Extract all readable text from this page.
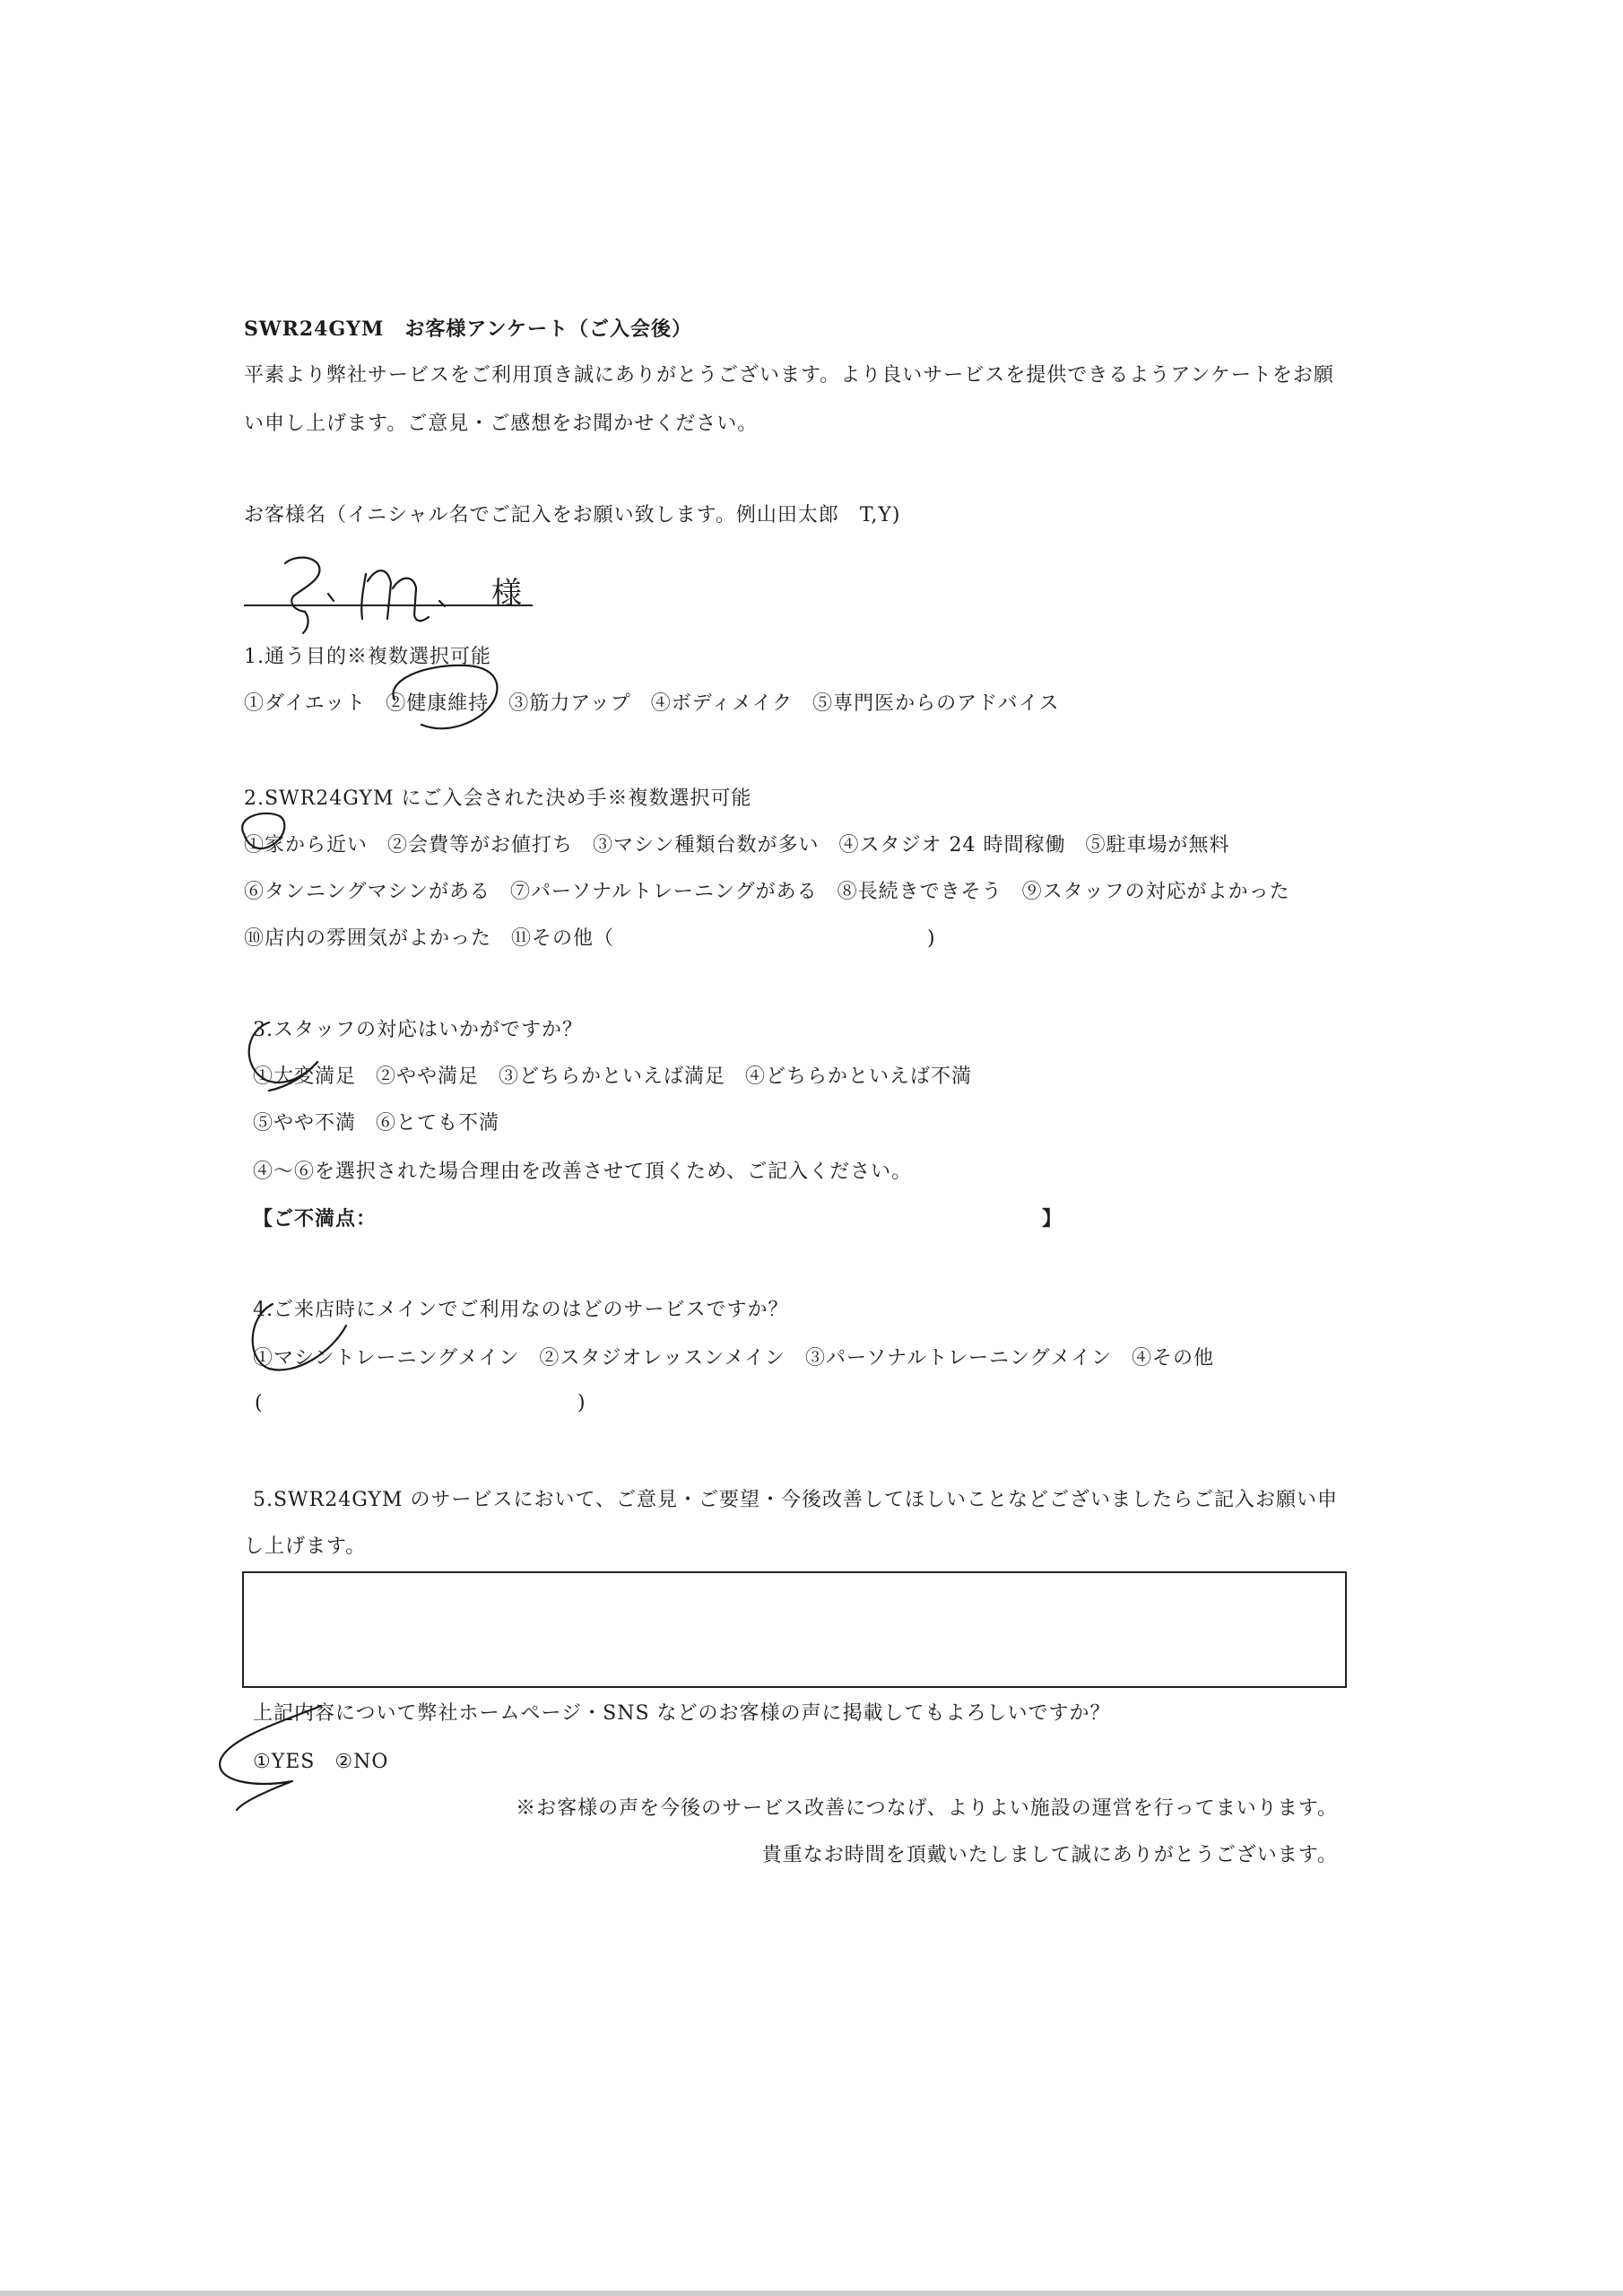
SWR24GYM　お客様アンケート（ご入会後）
平素より弊社サービスをご利用頂き誠にありがとうございます。より良いサービスを提供できるようアンケートをお願
い申し上げます。ご意見・ご感想をお聞かせください。
お客様名（イニシャル名でご記入をお願い致します。例山田太郎　T,Y)
様
1.通う目的※複数選択可能
①ダイエット ②健康維持 ③筋力アップ ④ボディメイク ⑤専門医からのアドバイス
2.SWR24GYM にご入会された決め手※複数選択可能
①家から近い ②会費等がお値打ち ③マシン種類台数が多い ④スタジオ 24 時間稼働 ⑤駐車場が無料
⑥タンニングマシンがある ⑦パーソナルトレーニングがある ⑧長続きできそう ⑨スタッフの対応がよかった
⑩店内の雰囲気がよかった ⑪その他（	)
3.スタッフの対応はいかがですか？
①大変満足 ②やや満足 ③どちらかといえば満足 ④どちらかといえば不満
⑤やや不満 ⑥とても不満
④～⑥を選択された場合理由を改善させて頂くため、ご記入ください。
【ご不満点：	】
4.ご来店時にメインでご利用なのはどのサービスですか？
①マシントレーニングメイン ②スタジオレッスンメイン ③パーソナルトレーニングメイン ④その他
(	)
5.SWR24GYM のサービスにおいて、ご意見・ご要望・今後改善してほしいことなどございましたらご記入お願い申
し上げます。
上記内容について弊社ホームページ・SNS などのお客様の声に掲載してもよろしいですか？
①YES ②NO
※お客様の声を今後のサービス改善につなげ、よりよい施設の運営を行ってまいります。
貴重なお時間を頂戴いたしまして誠にありがとうございます。
